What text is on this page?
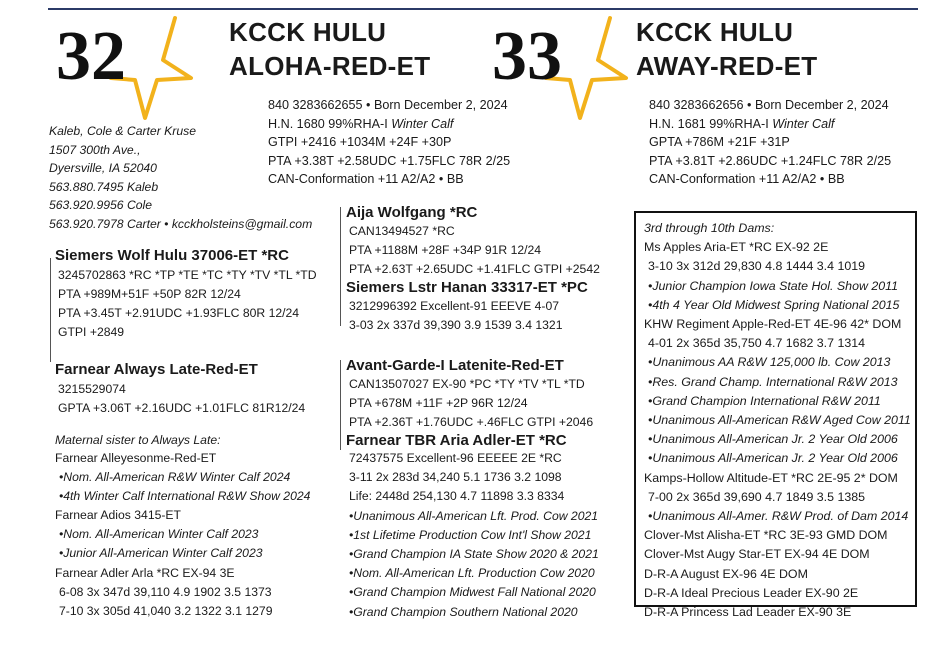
32	KCCK HULU
ALOHA-RED-ET
Kaleb, Cole & Carter Kruse
1507 300th Ave.,
Dyersville, IA 52040
563.880.7495 Kaleb
563.920.9956 Cole
563.920.7978 Carter • kcckholsteins@gmail.com
840 3283662655 • Born December 2, 2024
H.N. 1680 99%RHA-I Winter Calf
GTPI +2416 +1034M +24F +30P
PTA +3.38T +2.58UDC +1.75FLC 78R 2/25
CAN-Conformation +11 A2/A2 • BB
Siemers Wolf Hulu 37006-ET *RC
3245702863 *RC *TP *TE *TC *TY *TV *TL *TD
PTA +989M+51F +50P 82R 12/24
PTA +3.45T +2.91UDC +1.93FLC 80R 12/24
GTPI +2849
Farnear Always Late-Red-ET
3215529074
GPTA +3.06T +2.16UDC +1.01FLC 81R12/24
Maternal sister to Always Late:
Farnear Alleyesonme-Red-ET
•Nom. All-American R&W Winter Calf 2024
•4th Winter Calf International R&W Show 2024
Farnear Adios 3415-ET
•Nom. All-American Winter Calf 2023
•Junior All-American Winter Calf 2023
Farnear Adler Arla *RC EX-94 3E
6-08 3x 347d 39,110 4.9 1902 3.5 1373
7-10 3x 305d 41,040 3.2 1322 3.1 1279
Aija Wolfgang *RC
CAN13494527 *RC
PTA +1188M +28F +34P 91R 12/24
PTA +2.63T +2.65UDC +1.41FLC GTPI +2542
Siemers Lstr Hanan 33317-ET *PC
3212996392 Excellent-91 EEEVE 4-07
3-03 2x 337d 39,390 3.9 1539 3.4 1321
33	KCCK HULU
AWAY-RED-ET
840 3283662656 • Born December 2, 2024
H.N. 1681 99%RHA-I Winter Calf
GPTA +786M +21F +31P
PTA +3.81T +2.86UDC +1.24FLC 78R 2/25
CAN-Conformation +11 A2/A2 • BB
Avant-Garde-I Latenite-Red-ET
CAN13507027 EX-90 *PC *TY *TV *TL *TD
PTA +678M +11F +2P 96R 12/24
PTA +2.36T +1.76UDC +.46FLC GTPI +2046
Farnear TBR Aria Adler-ET *RC
72437575 Excellent-96 EEEEE 2E *RC
3-11 2x 283d 34,240 5.1 1736 3.2 1098
Life: 2448d 254,130 4.7 11898 3.3 8334
•Unanimous All-American Lft. Prod. Cow 2021
•1st Lifetime Production Cow Int'l Show 2021
•Grand Champion IA State Show 2020 & 2021
•Nom. All-American Lft. Production Cow 2020
•Grand Champion Midwest Fall National 2020
•Grand Champion Southern National 2020
3rd through 10th Dams:
Ms Apples Aria-ET *RC EX-92 2E
3-10 3x 312d 29,830 4.8 1444 3.4 1019
•Junior Champion Iowa State Hol. Show 2011
•4th 4 Year Old Midwest Spring National 2015
KHW Regiment Apple-Red-ET 4E-96 42* DOM
4-01 2x 365d 35,750 4.7 1682 3.7 1314
•Unanimous AA R&W 125,000 lb. Cow 2013
•Res. Grand Champ. International R&W 2013
•Grand Champion International R&W 2011
•Unanimous All-American R&W Aged Cow 2011
•Unanimous All-American Jr. 2 Year Old 2006
•Unanimous All-American Jr. 2 Year Old 2006
Kamps-Hollow Altitude-ET *RC 2E-95 2* DOM
7-00 2x 365d 39,690 4.7 1849 3.5 1385
•Unanimous All-Amer. R&W Prod. of Dam 2014
Clover-Mst Alisha-ET *RC 3E-93 GMD DOM
Clover-Mst Augy Star-ET EX-94 4E DOM
D-R-A August EX-96 4E DOM
D-R-A Ideal Precious Leader EX-90 2E
D-R-A Princess Lad Leader EX-90 3E
